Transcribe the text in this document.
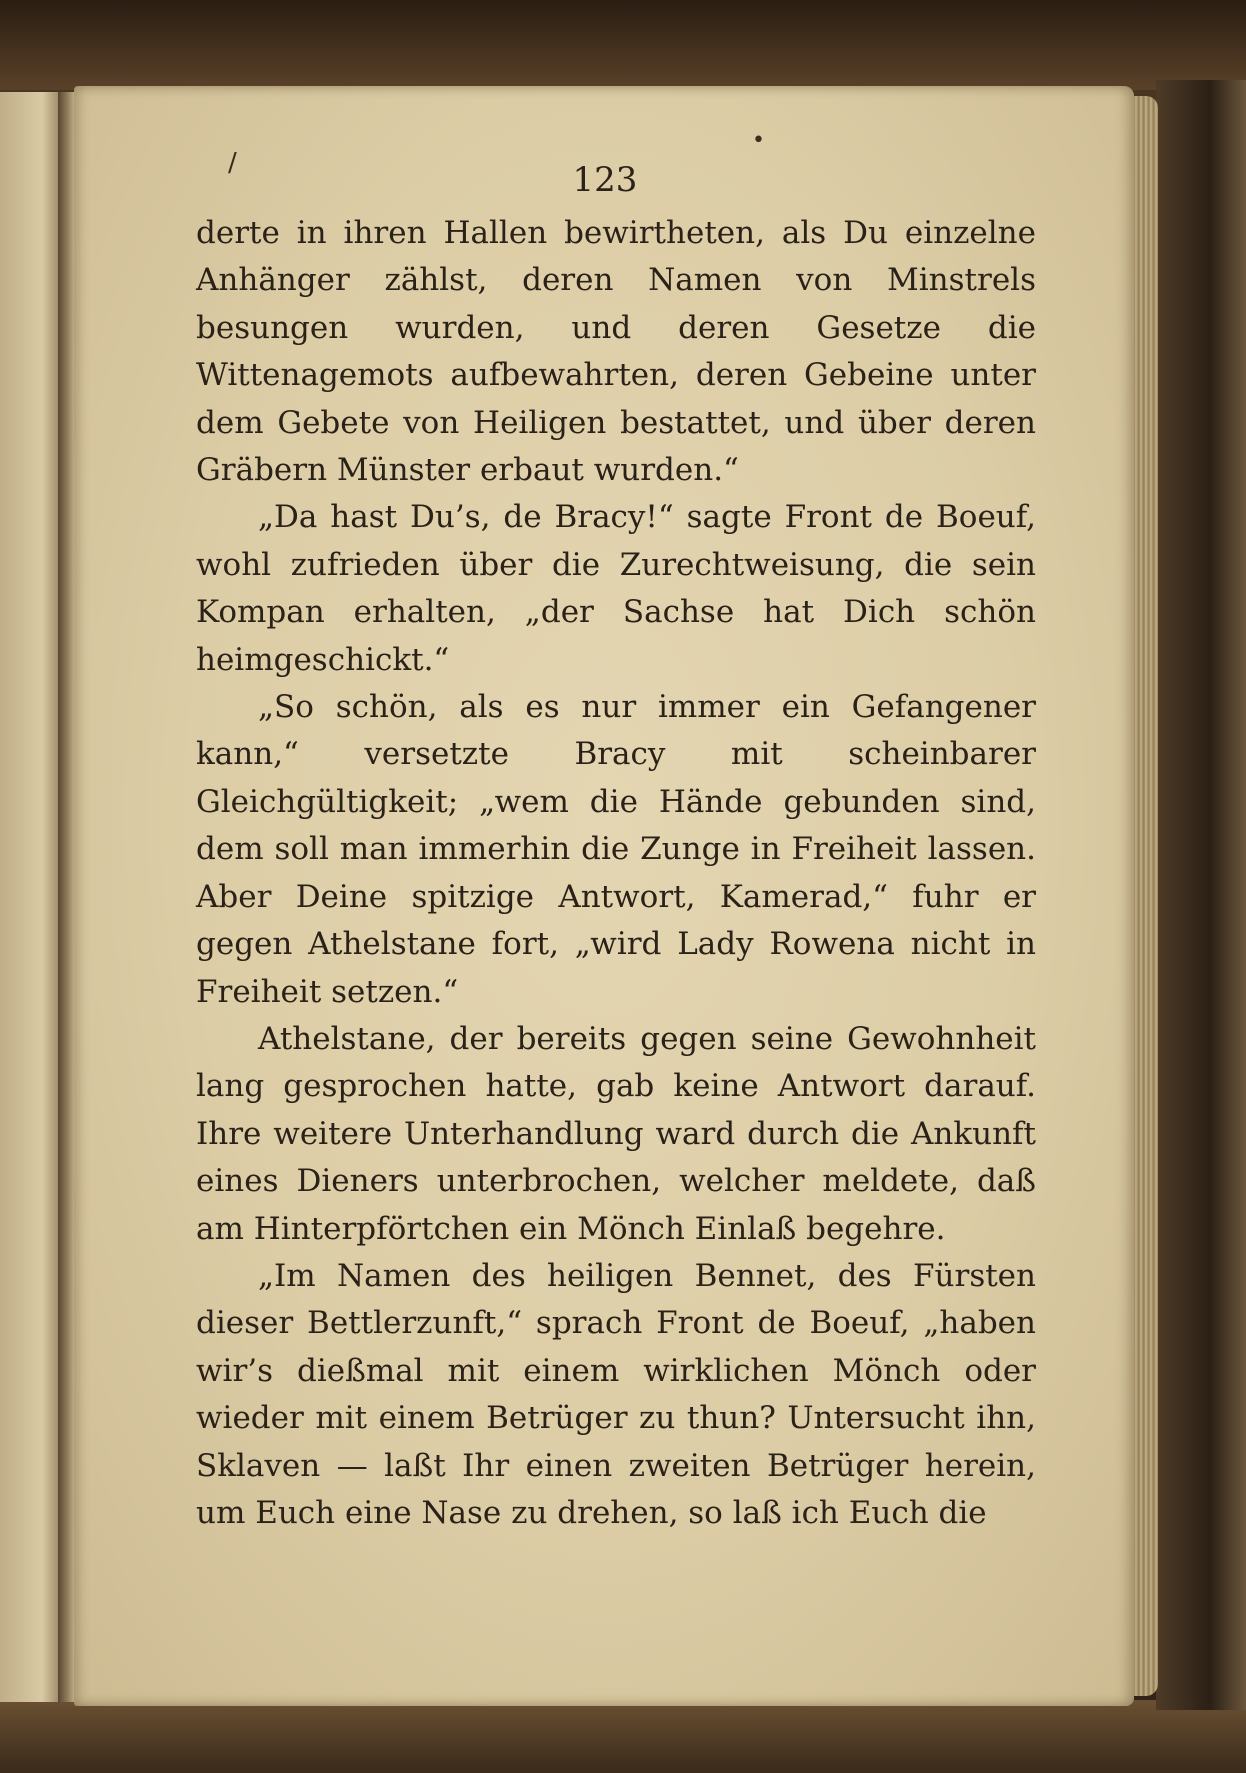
/
•
123

derte in ihren Hallen bewirtheten, als Du einzelne Anhänger zählst, deren Namen von Minstrels besungen wurden, und deren Gesetze die Wittenagemots aufbewahrten, deren Gebeine unter dem Gebete von Heiligen bestattet, und über deren Gräbern Münster erbaut wurden.“

„Da hast Du’s, de Bracy!“ sagte Front de Boeuf, wohl zufrieden über die Zurechtweisung, die sein Kompan erhalten, „der Sachse hat Dich schön heimgeschickt.“

„So schön, als es nur immer ein Gefangener kann,“ versetzte Bracy mit scheinbarer Gleichgültigkeit; „wem die Hände gebunden sind, dem soll man immerhin die Zunge in Freiheit lassen. Aber Deine spitzige Antwort, Kamerad,“ fuhr er gegen Athelstane fort, „wird Lady Rowena nicht in Freiheit setzen.“

Athelstane, der bereits gegen seine Gewohnheit lang gesprochen hatte, gab keine Antwort darauf. Ihre weitere Unterhandlung ward durch die Ankunft eines Dieners unterbrochen, welcher meldete, daß am Hinterpförtchen ein Mönch Einlaß begehre.

„Im Namen des heiligen Bennet, des Fürsten dieser Bettlerzunft,“ sprach Front de Boeuf, „haben wir’s dießmal mit einem wirklichen Mönch oder wieder mit einem Betrüger zu thun? Untersucht ihn, Sklaven — laßt Ihr einen zweiten Betrüger herein, um Euch eine Nase zu drehen, so laß ich Euch die
